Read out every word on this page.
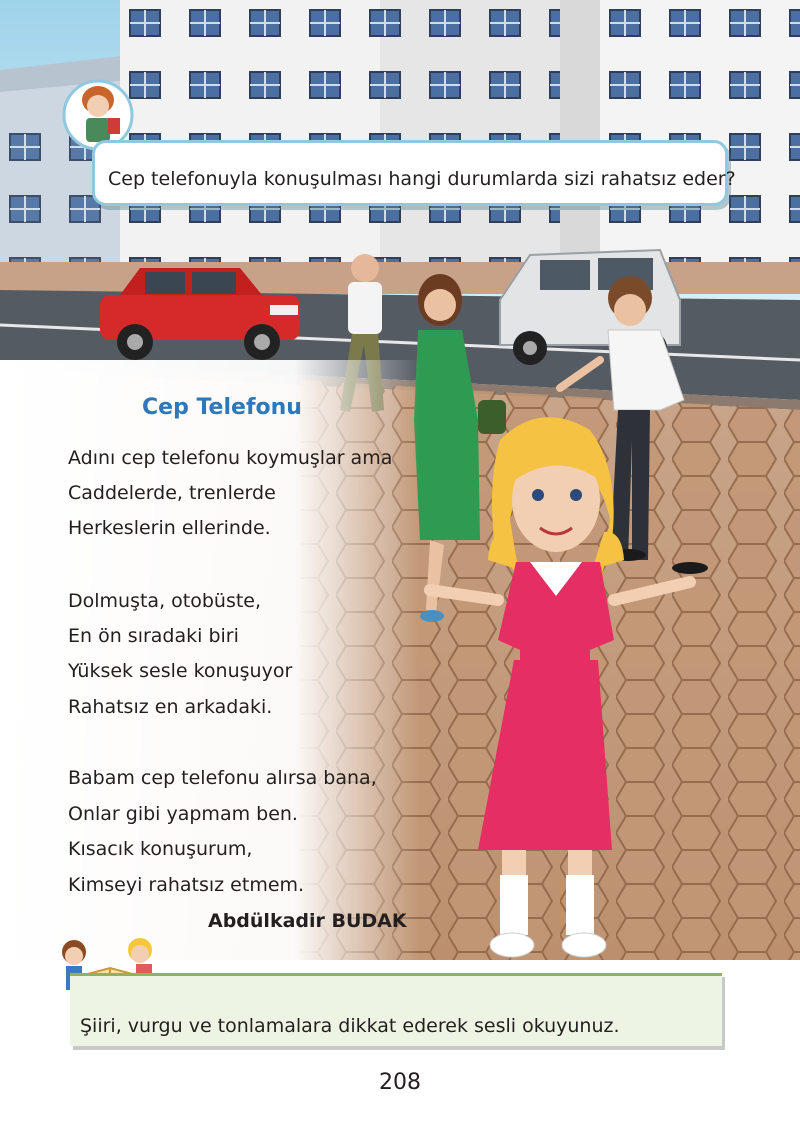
Cep telefonuyla konuşulması hangi durumlarda sizi rahatsız eder?
Cep Telefonu
Adını cep telefonu koymuşlar ama
Caddelerde, trenlerde
Herkeslerin ellerinde.
Dolmuşta, otobüste,
En ön sıradaki biri
Yüksek sesle konuşuyor
Rahatsız en arkadaki.
Babam cep telefonu alırsa bana,
Onlar gibi yapmam ben.
Kısacık konuşurum,
Kimseyi rahatsız etmem.
Abdülkadir BUDAK
Şiiri, vurgu ve tonlamalara dikkat ederek sesli okuyunuz.
208
